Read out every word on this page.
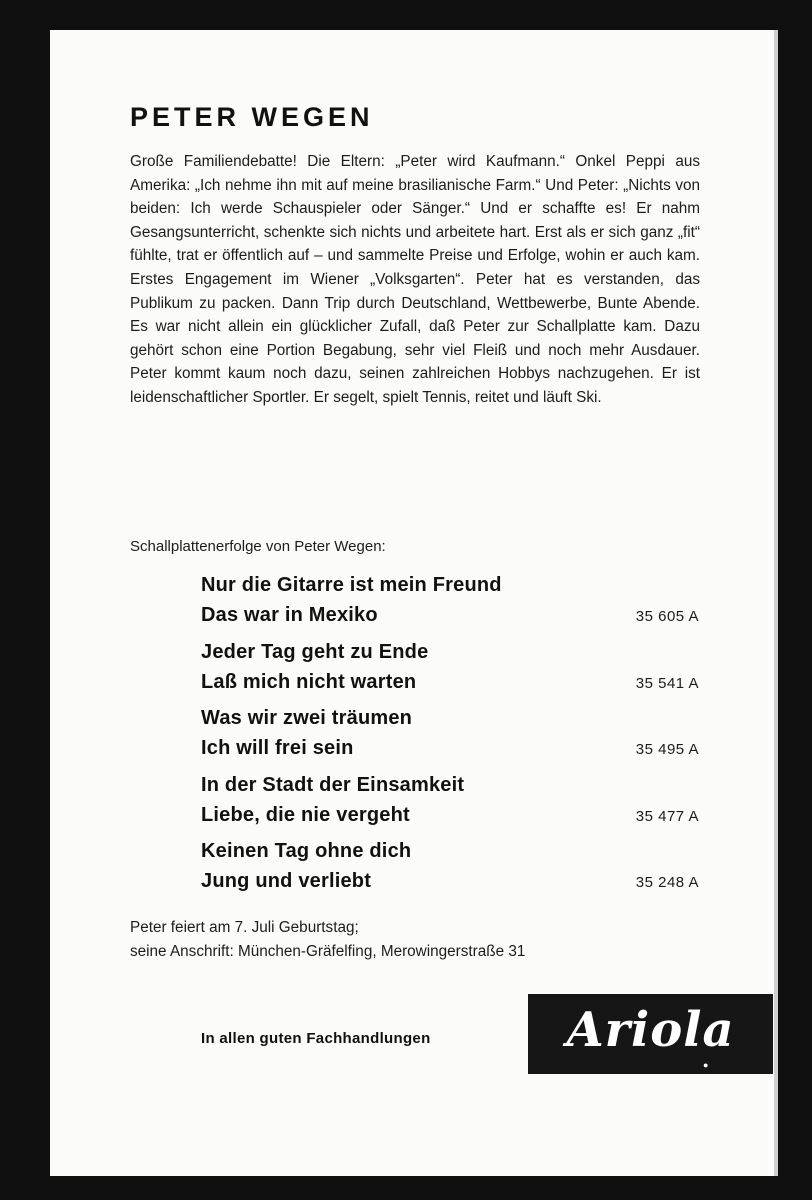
PETER WEGEN

Große Familiendebatte! Die Eltern: „Peter wird Kaufmann.“ Onkel Peppi aus Amerika: „Ich nehme ihn mit auf meine brasilianische Farm.“ Und Peter: „Nichts von beiden: Ich werde Schauspieler oder Sänger.“ Und er schaffte es! Er nahm Gesangsunterricht, schenkte sich nichts und arbeitete hart. Erst als er sich ganz „fit“ fühlte, trat er öffentlich auf – und sammelte Preise und Erfolge, wohin er auch kam. Erstes Engagement im Wiener „Volksgarten“. Peter hat es verstanden, das Publikum zu packen. Dann Trip durch Deutschland, Wettbewerbe, Bunte Abende. Es war nicht allein ein glücklicher Zufall, daß Peter zur Schallplatte kam. Dazu gehört schon eine Portion Begabung, sehr viel Fleiß und noch mehr Ausdauer. Peter kommt kaum noch dazu, seinen zahlreichen Hobbys nachzugehen. Er ist leidenschaftlicher Sportler. Er segelt, spielt Tennis, reitet und läuft Ski.

Schallplattenerfolge von Peter Wegen:

Nur die Gitarre ist mein Freund
Das war in Mexiko	35 605 A
Jeder Tag geht zu Ende
Laß mich nicht warten	35 541 A
Was wir zwei träumen
Ich will frei sein	35 495 A
In der Stadt der Einsamkeit
Liebe, die nie vergeht	35 477 A
Keinen Tag ohne dich
Jung und verliebt	35 248 A

Peter feiert am 7. Juli Geburtstag;
seine Anschrift: München-Gräfelfing, Merowingerstraße 31

In allen guten Fachhandlungen	Ariola
●
